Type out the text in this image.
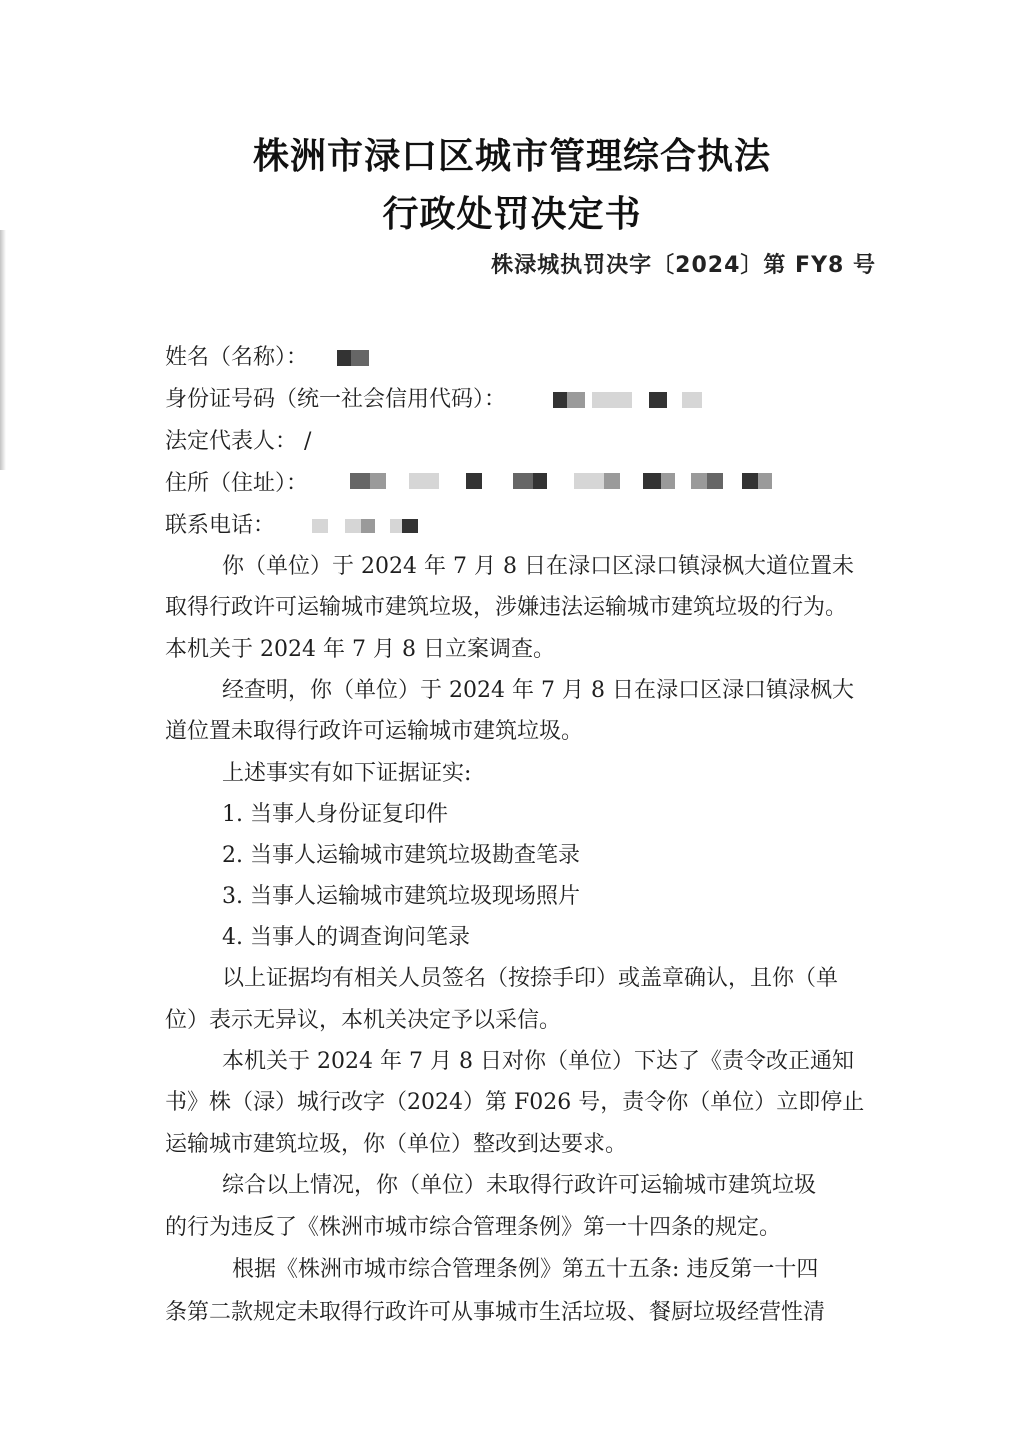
株洲市渌口区城市管理综合执法
行政处罚决定书
株渌城执罚决字〔2024〕第 FY8 号
姓名（名称）：
身份证号码（统一社会信用代码）：
法定代表人： /
住所（住址）：

联系电话：
你（单位）于 2024 年 7 月 8 日在渌口区渌口镇渌枫大道位置未
取得行政许可运输城市建筑垃圾，涉嫌违法运输城市建筑垃圾的行为。
本机关于 2024 年 7 月 8 日立案调查。
经查明，你（单位）于 2024 年 7 月 8 日在渌口区渌口镇渌枫大
道位置未取得行政许可运输城市建筑垃圾。
上述事实有如下证据证实:
1. 当事人身份证复印件
2. 当事人运输城市建筑垃圾勘查笔录
3. 当事人运输城市建筑垃圾现场照片
4. 当事人的调查询问笔录
以上证据均有相关人员签名（按捺手印）或盖章确认，且你（单
位）表示无异议，本机关决定予以采信。
本机关于 2024 年 7 月 8 日对你（单位）下达了《责令改正通知
书》株（渌）城行改字（2024）第 F026 号，责令你（单位）立即停止
运输城市建筑垃圾，你（单位）整改到达要求。
综合以上情况，你（单位）未取得行政许可运输城市建筑垃圾
的行为违反了《株洲市城市综合管理条例》第一十四条的规定。
根据《株洲市城市综合管理条例》第五十五条: 违反第一十四
条第二款规定未取得行政许可从事城市生活垃圾、餐厨垃圾经营性清
